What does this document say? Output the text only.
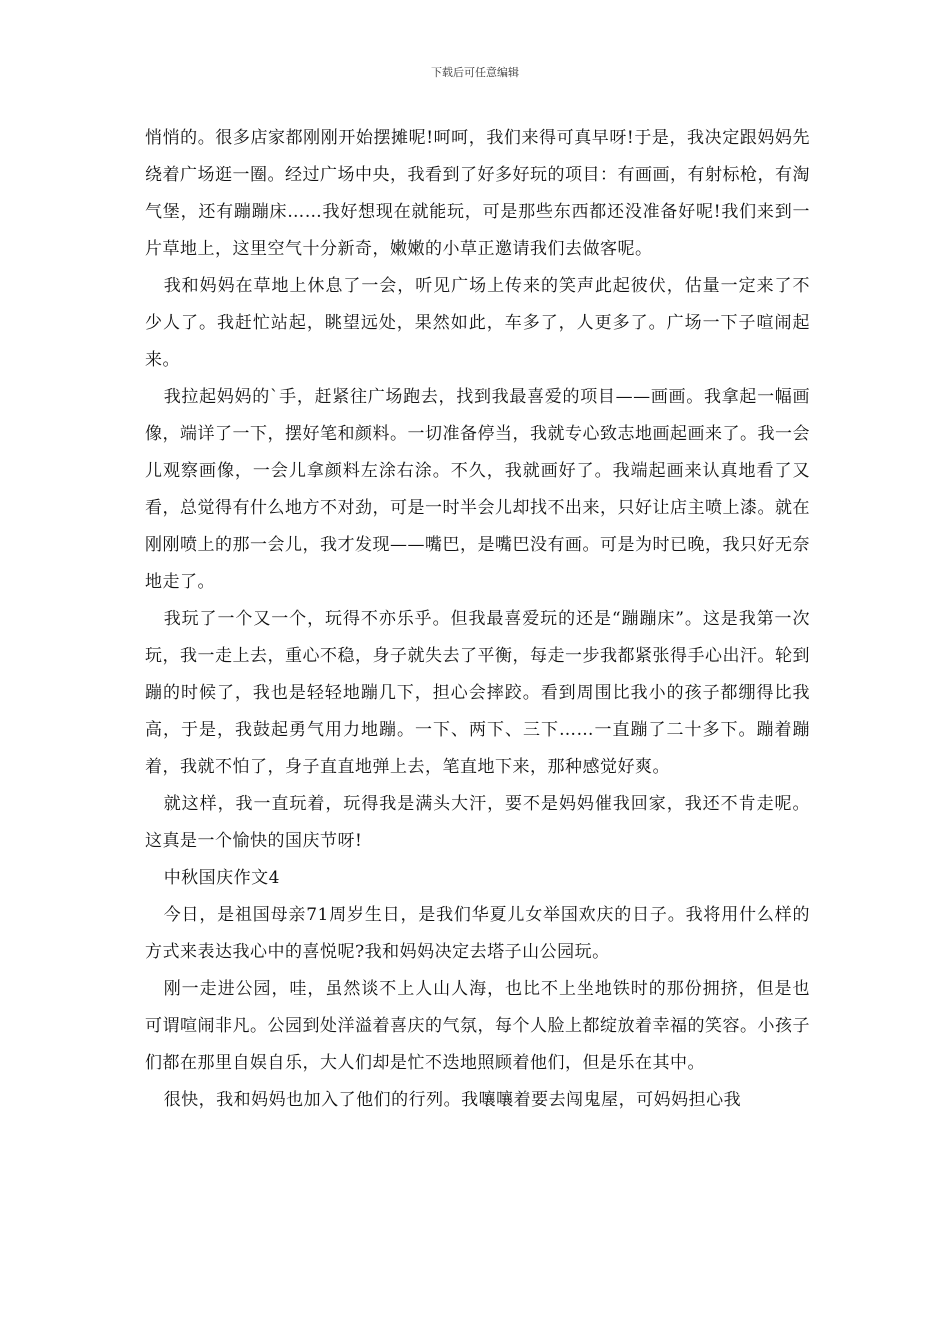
下载后可任意编辑

悄悄的。很多店家都刚刚开始摆摊呢!呵呵，我们来得可真早呀!于是，我决定跟妈妈先绕着广场逛一圈。经过广场中央，我看到了好多好玩的项目：有画画，有射标枪，有淘气堡，还有蹦蹦床……我好想现在就能玩，可是那些东西都还没准备好呢!我们来到一片草地上，这里空气十分新奇，嫩嫩的小草正邀请我们去做客呢。

我和妈妈在草地上休息了一会，听见广场上传来的笑声此起彼伏，估量一定来了不少人了。我赶忙站起，眺望远处，果然如此，车多了，人更多了。广场一下子喧闹起来。

我拉起妈妈的`手，赶紧往广场跑去，找到我最喜爱的项目——画画。我拿起一幅画像，端详了一下，摆好笔和颜料。一切准备停当，我就专心致志地画起画来了。我一会儿观察画像，一会儿拿颜料左涂右涂。不久，我就画好了。我端起画来认真地看了又看，总觉得有什么地方不对劲，可是一时半会儿却找不出来，只好让店主喷上漆。就在刚刚喷上的那一会儿，我才发现——嘴巴，是嘴巴没有画。可是为时已晚，我只好无奈地走了。

我玩了一个又一个，玩得不亦乐乎。但我最喜爱玩的还是“蹦蹦床”。这是我第一次玩，我一走上去，重心不稳，身子就失去了平衡，每走一步我都紧张得手心出汗。轮到蹦的时候了，我也是轻轻地蹦几下，担心会摔跤。看到周围比我小的孩子都绷得比我高，于是，我鼓起勇气用力地蹦。一下、两下、三下……一直蹦了二十多下。蹦着蹦着，我就不怕了，身子直直地弹上去，笔直地下来，那种感觉好爽。

就这样，我一直玩着，玩得我是满头大汗，要不是妈妈催我回家，我还不肯走呢。这真是一个愉快的国庆节呀!

中秋国庆作文4

今日，是祖国母亲71周岁生日，是我们华夏儿女举国欢庆的日子。我将用什么样的方式来表达我心中的喜悦呢?我和妈妈决定去塔子山公园玩。

刚一走进公园，哇，虽然谈不上人山人海，也比不上坐地铁时的那份拥挤，但是也可谓喧闹非凡。公园到处洋溢着喜庆的气氛，每个人脸上都绽放着幸福的笑容。小孩子们都在那里自娱自乐，大人们却是忙不迭地照顾着他们，但是乐在其中。

很快，我和妈妈也加入了他们的行列。我嚷嚷着要去闯鬼屋，可妈妈担心我
